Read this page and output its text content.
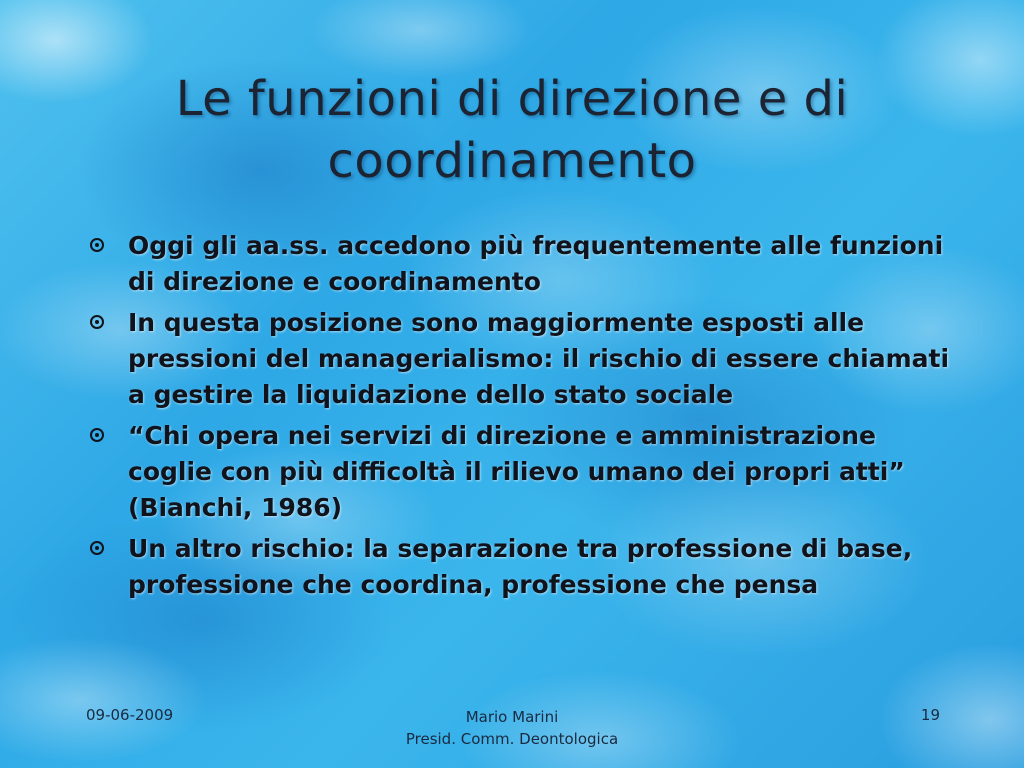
Le funzioni di direzione e di coordinamento
Oggi gli aa.ss. accedono più frequentemente alle funzioni di direzione e coordinamento
In questa posizione sono maggiormente esposti alle pressioni del managerialismo: il rischio di essere chiamati a gestire la liquidazione dello stato sociale
“Chi opera nei servizi di direzione e amministrazione coglie con più difficoltà il rilievo umano dei propri atti” (Bianchi, 1986)
Un altro rischio: la separazione tra professione di base, professione che coordina, professione che pensa
09-06-2009	Mario Marini
Presid. Comm. Deontologica
19
